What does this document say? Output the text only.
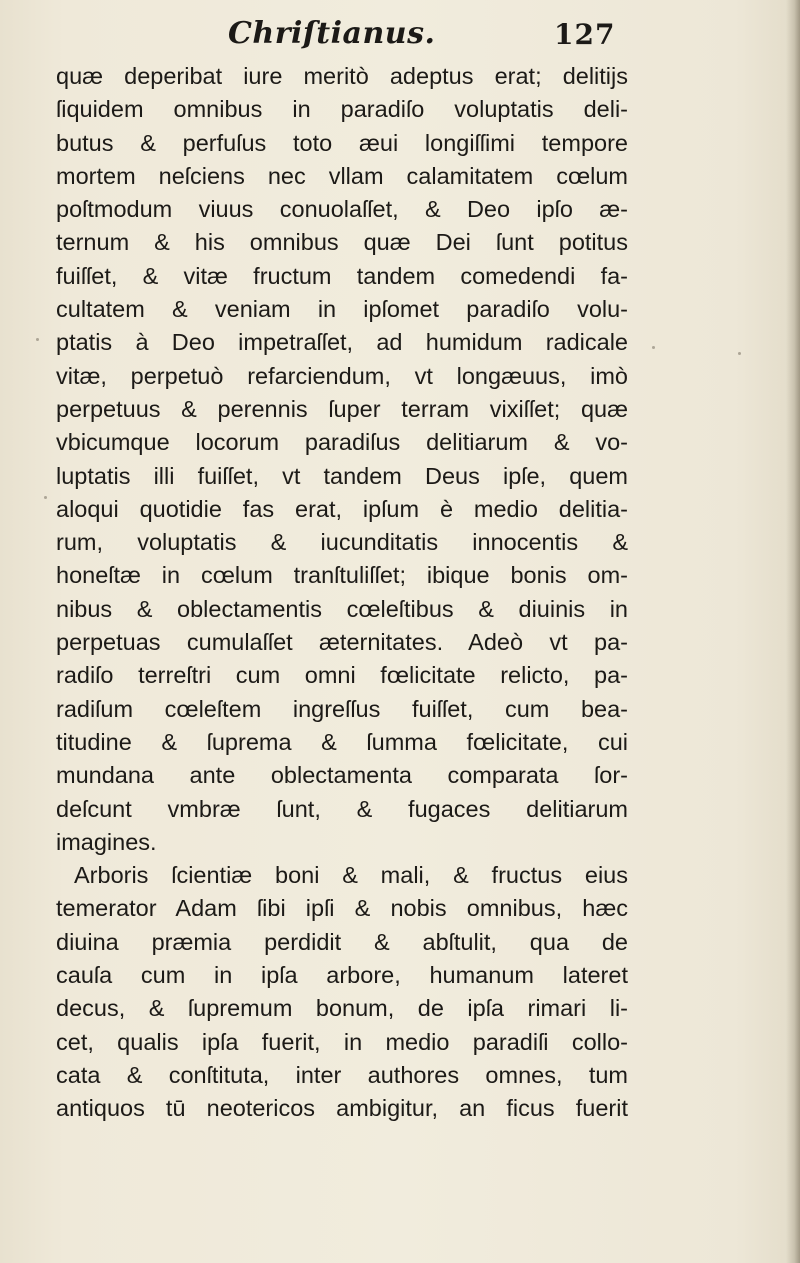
Chriſtianus.	127
quæ deperibat iure meritò adeptus erat; delitijs
ſiquidem omnibus in paradiſo voluptatis deli-
butus & perfuſus toto æui longiſſimi tempore
mortem neſciens nec vllam calamitatem cœlum
poſtmodum viuus conuolaſſet, & Deo ipſo æ-
ternum & his omnibus quæ Dei ſunt potitus
fuiſſet, & vitæ fructum tandem comedendi fa-
cultatem & veniam in ipſomet paradiſo volu-
ptatis à Deo impetraſſet, ad humidum radicale
vitæ, perpetuò refarciendum, vt longæuus, imò
perpetuus & perennis ſuper terram vixiſſet; quæ
vbicumque locorum paradiſus delitiarum & vo-
luptatis illi fuiſſet, vt tandem Deus ipſe, quem
aloqui quotidie fas erat, ipſum è medio delitia-
rum, voluptatis & iucunditatis innocentis &
honeſtæ in cœlum tranſtuliſſet; ibique bonis om-
nibus & oblectamentis cœleſtibus & diuinis in
perpetuas cumulaſſet æternitates. Adeò vt pa-
radiſo terreſtri cum omni fœlicitate relicto, pa-
radiſum cœleſtem ingreſſus fuiſſet, cum bea-
titudine & ſuprema & ſumma fœlicitate, cui
mundana ante oblectamenta comparata ſor-
deſcunt vmbræ ſunt, & fugaces delitiarum
imagines.
Arboris ſcientiæ boni & mali, & fructus eius
temerator Adam ſibi ipſi & nobis omnibus, hæc
diuina præmia perdidit & abſtulit, qua de
cauſa cum in ipſa arbore, humanum lateret
decus, & ſupremum bonum, de ipſa rimari li-
cet, qualis ipſa fuerit, in medio paradiſi collo-
cata & conſtituta, inter authores omnes, tum
antiquos tū neotericos ambigitur, an ficus fuerit
